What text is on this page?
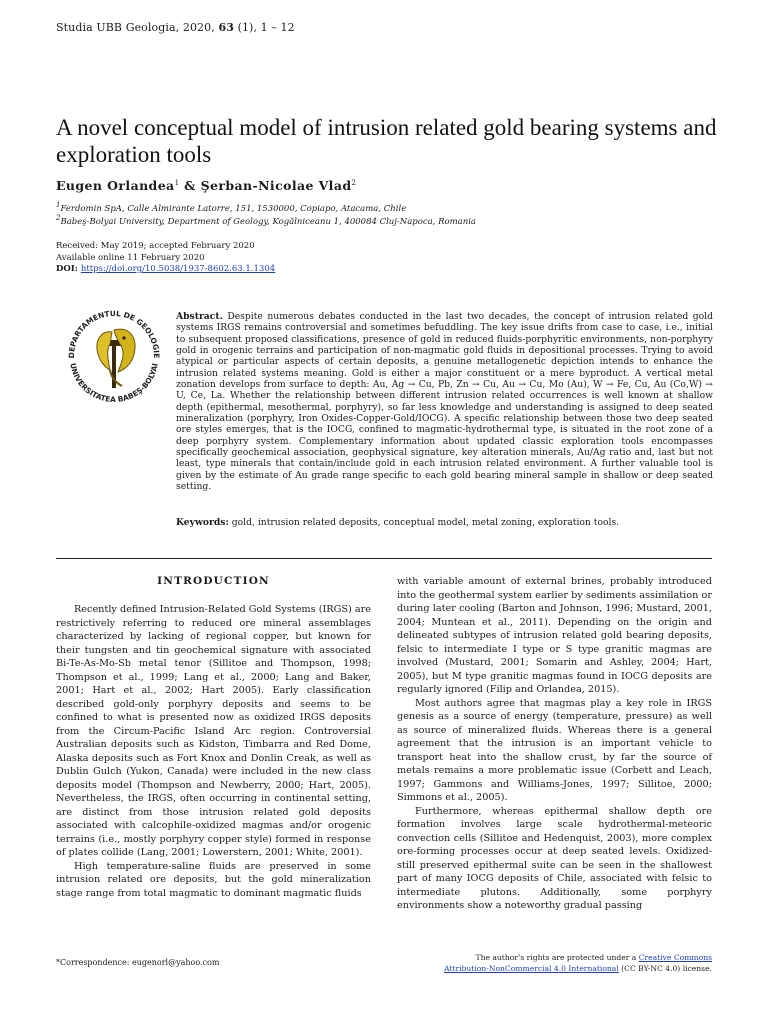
Studia UBB Geologia, 2020, 63 (1), 1 – 12
A novel conceptual model of intrusion related gold bearing systems and exploration tools
Eugen Orlandea$^1$ & Şerban-Nicolae Vlad$^2$
$^1$Ferdomin SpA, Calle Almirante Latorre, 151, 1530000, Copiapo, Atacama, Chile
$^2$Babeş-Bolyai University, Department of Geology, Kogălniceanu 1, 400084 Cluj-Napoca, Romania
Received: May 2019; accepted February 2020
Available online 11 February 2020
DOI: https://doi.org/10.5038/1937-8602.63.1.1304
DEPARTAMENTUL DE GEOLOGIE
UNIVERSITATEA BABEŞ-BOLYAI

Abstract. Despite numerous debates conducted in the last two decades, the concept of intrusion related gold systems IRGS remains controversial and sometimes befuddling. The key issue drifts from case to case, i.e., initial to subsequent proposed classifications, presence of gold in reduced fluids-porphyritic environments, non-porphyry gold in orogenic terrains and participation of non-magmatic gold fluids in depositional processes. Trying to avoid atypical or particular aspects of certain deposits, a genuine metallogenetic depiction intends to enhance the intrusion related systems meaning. Gold is either a major constituent or a mere byproduct. A vertical metal zonation develops from surface to depth: Au, Ag → Cu, Pb, Zn → Cu, Au → Cu, Mo (Au), W → Fe, Cu, Au (Co,W) → U, Ce, La. Whether the relationship between different intrusion related occurrences is well known at shallow depth (epithermal, mesothermal, porphyry), so far less knowledge and understanding is assigned to deep seated mineralization (porphyry, Iron Oxides-Copper-Gold/IOCG). A specific relationship between those two deep seated ore styles emerges, that is the IOCG, confined to magmatic-hydrothermal type, is situated in the root zone of a deep porphyry system. Complementary information about updated classic exploration tools encompasses specifically geochemical association, geophysical signature, key alteration minerals, Au/Ag ratio and, last but not least, type minerals that contain/include gold in each intrusion related environment. A further valuable tool is given by the estimate of Au grade range specific to each gold bearing mineral sample in shallow or deep seated setting.

Keywords: gold, intrusion related deposits, conceptual model, metal zoning, exploration tools.

INTRODUCTION

Recently defined Intrusion-Related Gold Systems (IRGS) are restrictively referring to reduced ore mineral assemblages characterized by lacking of regional copper, but known for their tungsten and tin geochemical signature with associated Bi-Te-As-Mo-Sb metal tenor (Sillitoe and Thompson, 1998; Thompson et al., 1999; Lang et al., 2000; Lang and Baker, 2001; Hart et al., 2002; Hart 2005). Early classification described gold-only porphyry deposits and seems to be confined to what is presented now as oxidized IRGS deposits from the Circum-Pacific Island Arc region. Controversial Australian deposits such as Kidston, Timbarra and Red Dome, Alaska deposits such as Fort Knox and Donlin Creak, as well as Dublin Gulch (Yukon, Canada) were included in the new class deposits model (Thompson and Newberry, 2000; Hart, 2005). Nevertheless, the IRGS, often occurring in continental setting, are distinct from those intrusion related gold deposits associated with calcophile-oxidized magmas and/or orogenic terrains (i.e., mostly porphyry copper style) formed in response of plates collide (Lang, 2001; Lowerstern, 2001; White, 2001).

High temperature-saline fluids are preserved in some intrusion related ore deposits, but the gold mineralization stage range from total magmatic to dominant magmatic fluids

with variable amount of external brines, probably introduced into the geothermal system earlier by sediments assimilation or during later cooling (Barton and Johnson, 1996; Mustard, 2001, 2004; Muntean et al., 2011). Depending on the origin and delineated subtypes of intrusion related gold bearing deposits, felsic to intermediate I type or S type granitic magmas are involved (Mustard, 2001; Somarin and Ashley, 2004; Hart, 2005), but M type granitic magmas found in IOCG deposits are regularly ignored (Filip and Orlandea, 2015).

Most authors agree that magmas play a key role in IRGS genesis as a source of energy (temperature, pressure) as well as source of mineralized fluids. Whereas there is a general agreement that the intrusion is an important vehicle to transport heat into the shallow crust, by far the source of metals remains a more problematic issue (Corbett and Leach, 1997; Gammons and Williams-Jones, 1997; Sillitoe, 2000; Simmons et al., 2005).

Furthermore, whereas epithermal shallow depth ore formation involves large scale hydrothermal-meteoric convection cells (Sillitoe and Hedenquist, 2003), more complex ore-forming processes occur at deep seated levels. Oxidized-still preserved epithermal suite can be seen in the shallowest part of many IOCG deposits of Chile, associated with felsic to intermediate plutons. Additionally, some porphyry environments show a noteworthy gradual passing

*Correspondence: eugenorl@yahoo.com
The author’s rights are protected under a Creative Commons
Attribution-NonCommercial 4.0 International (CC BY-NC 4.0) license.
